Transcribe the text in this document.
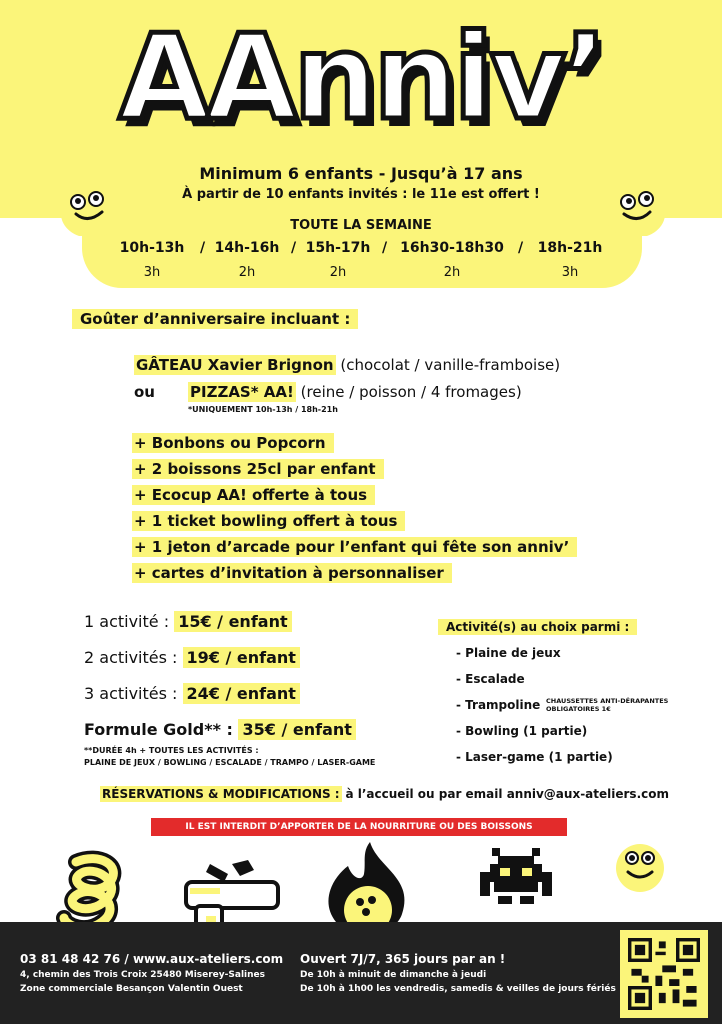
AAnniv’
Minimum 6 enfants - Jusqu’à 17 ans
À partir de 10 enfants invités : le 11e est offert !
TOUTE LA SEMAINE
10h-13h	/ 14h-16h / 15h-17h / 16h30-18h30 /	18h-21h
3h	2h	2h	2h	3h
Goûter d’anniversaire incluant :
GÂTEAU Xavier Brignon (chocolat / vanille-framboise)
ou PIZZAS* AA! (reine / poisson / 4 fromages)
*UNIQUEMENT 10h-13h / 18h-21h
+ Bonbons ou Popcorn
+ 2 boissons 25cl par enfant
+ Ecocup AA! offerte à tous
+ 1 ticket bowling offert à tous
+ 1 jeton d’arcade pour l’enfant qui fête son anniv’
+ cartes d’invitation à personnaliser
1 activité : 15€ / enfant
2 activités : 19€ / enfant
3 activités : 24€ / enfant
Formule Gold** : 35€ / enfant
**DURÉE 4h + TOUTES LES ACTIVITÉS :
PLAINE DE JEUX / BOWLING / ESCALADE / TRAMPO / LASER-GAME
Activité(s) au choix parmi :
- Plaine de jeux
- Escalade
- Trampoline CHAUSSETTES ANTI-DÉRAPANTES
OBLIGATOIRES 1€
- Bowling (1 partie)
- Laser-game (1 partie)
RÉSERVATIONS & MODIFICATIONS : à l’accueil ou par email anniv@aux-ateliers.com
IL EST INTERDIT D’APPORTER DE LA NOURRITURE OU DES BOISSONS EXTÉRIEURES
03 81 48 42 76 / www.aux-ateliers.com
4, chemin des Trois Croix 25480 Miserey-Salines
Zone commerciale Besançon Valentin Ouest
Ouvert 7J/7, 365 jours par an !
De 10h à minuit de dimanche à jeudi
De 10h à 1h00 les vendredis, samedis & veilles de jours fériés
